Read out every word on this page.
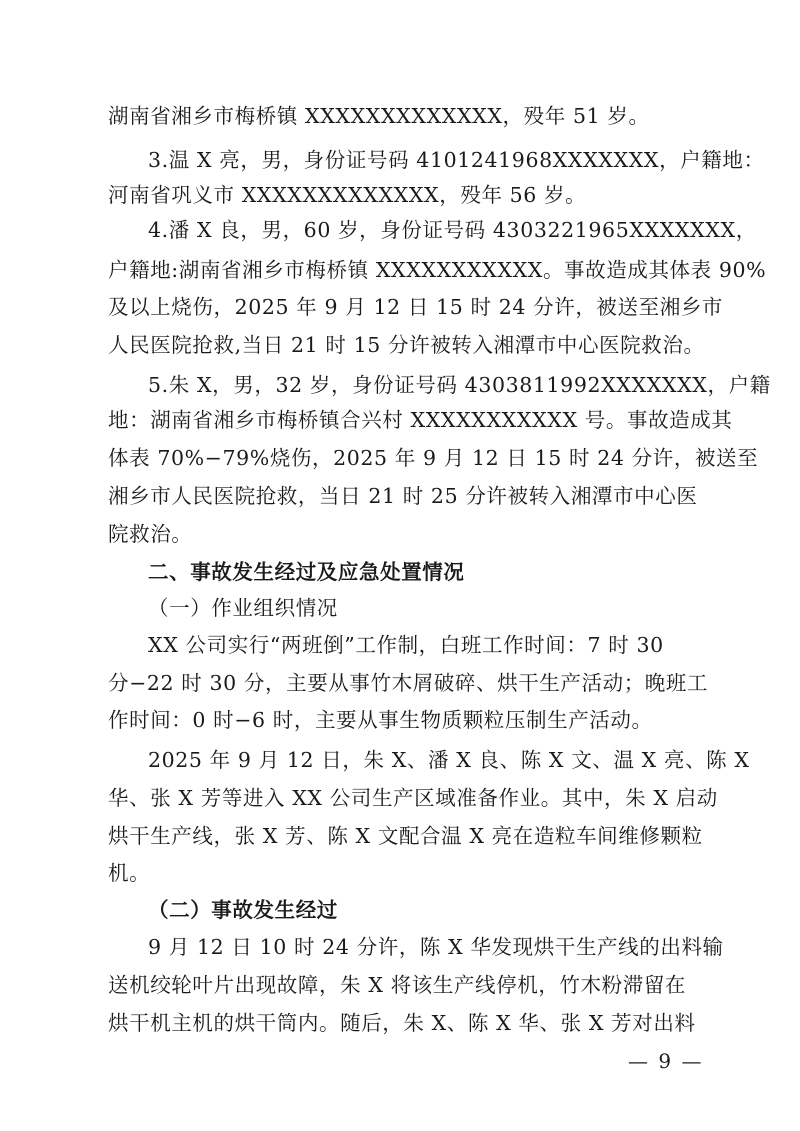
湖南省湘乡市梅桥镇 XXXXXXXXXXXXX，殁年 51 岁。
3.温 X 亮，男，身份证号码 4101241968XXXXXXX，户籍地：
河南省巩义市 XXXXXXXXXXXXX，殁年 56 岁。
4.潘 X 良，男，60 岁，身份证号码 4303221965XXXXXXX，
户籍地:湖南省湘乡市梅桥镇 XXXXXXXXXXX。事故造成其体表 90%
及以上烧伤，2025 年 9 月 12 日 15 时 24 分许，被送至湘乡市
人民医院抢救,当日 21 时 15 分许被转入湘潭市中心医院救治。
5.朱 X，男，32 岁，身份证号码 4303811992XXXXXXX，户籍
地：湖南省湘乡市梅桥镇合兴村 XXXXXXXXXXX 号。事故造成其
体表 70%−79%烧伤，2025 年 9 月 12 日 15 时 24 分许，被送至
湘乡市人民医院抢救，当日 21 时 25 分许被转入湘潭市中心医
院救治。
二、事故发生经过及应急处置情况
（一）作业组织情况
XX 公司实行“两班倒”工作制，白班工作时间：7 时 30
分−22 时 30 分，主要从事竹木屑破碎、烘干生产活动；晚班工
作时间：0 时−6 时，主要从事生物质颗粒压制生产活动。
2025 年 9 月 12 日，朱 X、潘 X 良、陈 X 文、温 X 亮、陈 X
华、张 X 芳等进入 XX 公司生产区域准备作业。其中，朱 X 启动
烘干生产线，张 X 芳、陈 X 文配合温 X 亮在造粒车间维修颗粒
机。
（二）事故发生经过
9 月 12 日 10 时 24 分许，陈 X 华发现烘干生产线的出料输
送机绞轮叶片出现故障，朱 X 将该生产线停机，竹木粉滞留在
烘干机主机的烘干筒内。随后，朱 X、陈 X 华、张 X 芳对出料
— 9 —
